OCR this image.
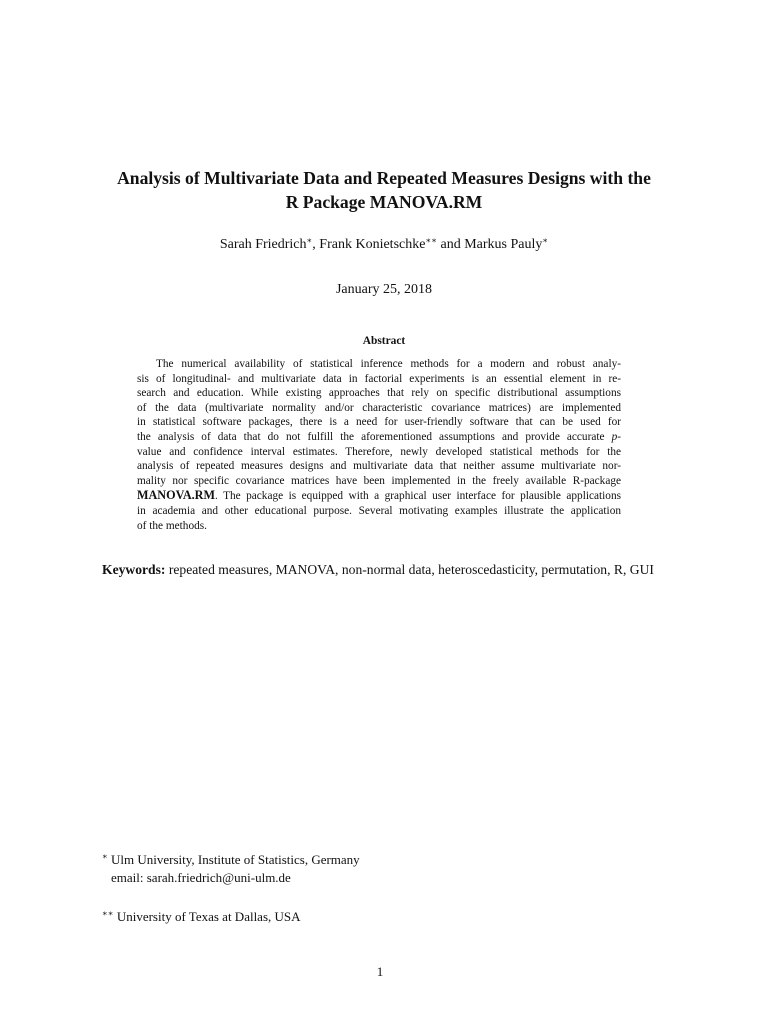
Analysis of Multivariate Data and Repeated Measures Designs with the
R Package MANOVA.RM
Sarah Friedrich∗, Frank Konietschke∗∗ and Markus Pauly∗
January 25, 2018
Abstract
The numerical availability of statistical inference methods for a modern and robust analy-
sis of longitudinal- and multivariate data in factorial experiments is an essential element in re-
search and education. While existing approaches that rely on specific distributional assumptions
of the data (multivariate normality and/or characteristic covariance matrices) are implemented
in statistical software packages, there is a need for user-friendly software that can be used for
the analysis of data that do not fulfill the aforementioned assumptions and provide accurate p-
value and confidence interval estimates. Therefore, newly developed statistical methods for the
analysis of repeated measures designs and multivariate data that neither assume multivariate nor-
mality nor specific covariance matrices have been implemented in the freely available R-package
MANOVA.RM. The package is equipped with a graphical user interface for plausible applications
in academia and other educational purpose. Several motivating examples illustrate the application
of the methods.
Keywords: repeated measures, MANOVA, non-normal data, heteroscedasticity, permutation, R, GUI
∗ Ulm University, Institute of Statistics, Germany
email: sarah.friedrich@uni-ulm.de
∗∗ University of Texas at Dallas, USA
1
